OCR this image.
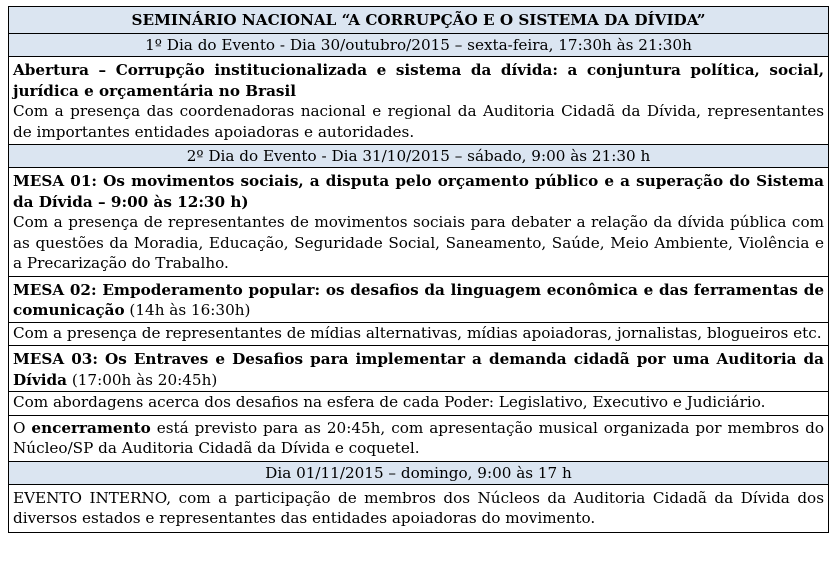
SEMINÁRIO NACIONAL “A CORRUPÇÃO E O SISTEMA DA DÍVIDA”
1º Dia do Evento - Dia 30/outubro/2015 – sexta-feira, 17:30h às 21:30h
Abertura – Corrupção institucionalizada e sistema da dívida: a conjuntura política, social, jurídica e orçamentária no Brasil
Com a presença das coordenadoras nacional e regional da Auditoria Cidadã da Dívida, representantes de importantes entidades apoiadoras e autoridades.
2º Dia do Evento - Dia 31/10/2015 – sábado, 9:00 às 21:30 h
MESA 01: Os movimentos sociais, a disputa pelo orçamento público e a superação do Sistema da Dívida – 9:00 às 12:30 h)
Com a presença de representantes de movimentos sociais para debater a relação da dívida pública com as questões da Moradia, Educação, Seguridade Social, Saneamento, Saúde, Meio Ambiente, Violência e a Precarização do Trabalho.
MESA 02: Empoderamento popular: os desafios da linguagem econômica e das ferramentas de comunicação (14h às 16:30h)
Com a presença de representantes de mídias alternativas, mídias apoiadoras, jornalistas, blogueiros etc.
MESA 03: Os Entraves e Desafios para implementar a demanda cidadã por uma Auditoria da Dívida (17:00h às 20:45h)
Com abordagens acerca dos desafios na esfera de cada Poder: Legislativo, Executivo e Judiciário.
O encerramento está previsto para as 20:45h, com apresentação musical organizada por membros do Núcleo/SP da Auditoria Cidadã da Dívida e coquetel.
Dia 01/11/2015 – domingo, 9:00 às 17 h
EVENTO INTERNO, com a participação de membros dos Núcleos da Auditoria Cidadã da Dívida dos diversos estados e representantes das entidades apoiadoras do movimento.
